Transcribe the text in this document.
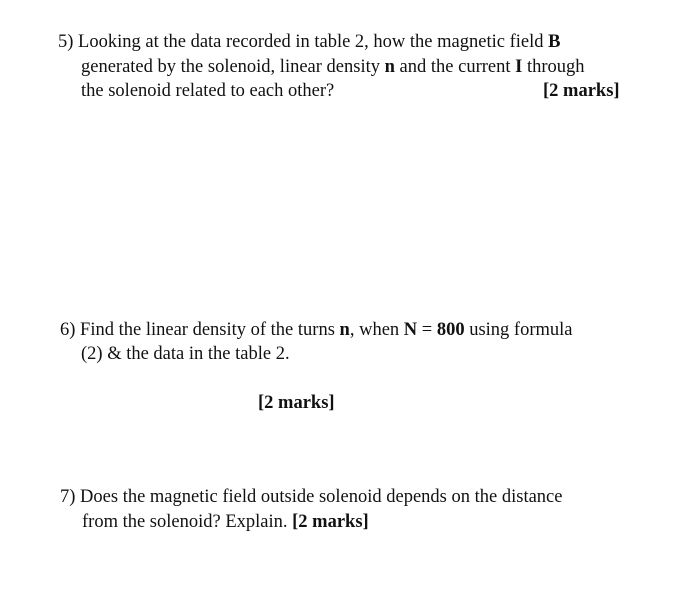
5) Looking at the data recorded in table 2, how the magnetic field B
generated by the solenoid, linear density n and the current I through
the solenoid related to each other?	[2 marks]
6) Find the linear density of the turns n, when N = 800 using formula
(2) & the data in the table 2.
[2 marks]
7) Does the magnetic field outside solenoid depends on the distance
from the solenoid? Explain. [2 marks]
